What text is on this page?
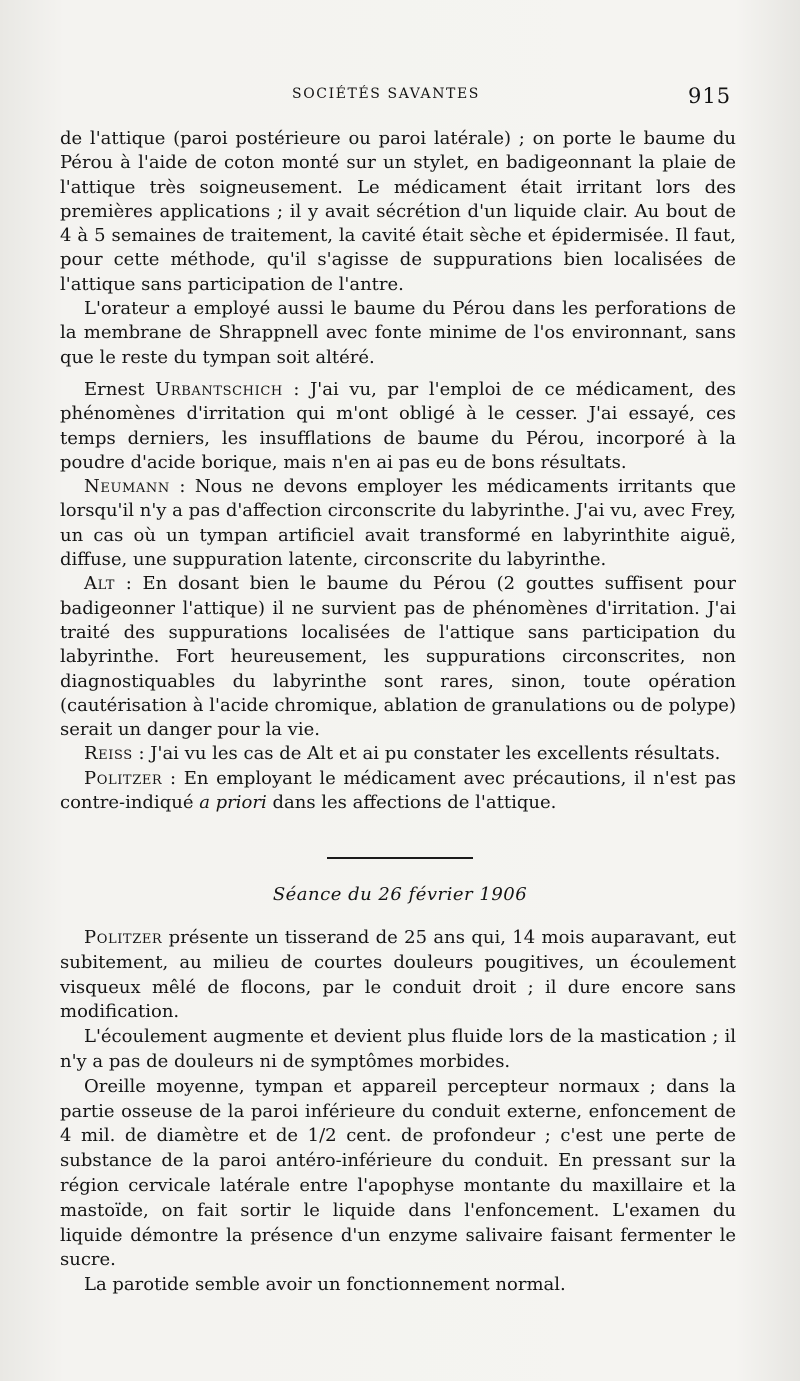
SOCIÉTÉS SAVANTES	915

de l'attique (paroi postérieure ou paroi latérale) ; on porte le baume du Pérou à l'aide de coton monté sur un stylet, en badigeonnant la plaie de l'attique très soigneusement. Le médicament était irritant lors des premières applications ; il y avait sécrétion d'un liquide clair. Au bout de 4 à 5 semaines de traitement, la cavité était sèche et épidermisée. Il faut, pour cette méthode, qu'il s'agisse de suppurations bien localisées de l'attique sans participation de l'antre.

L'orateur a employé aussi le baume du Pérou dans les perforations de la membrane de Shrappnell avec fonte minime de l'os environnant, sans que le reste du tympan soit altéré.

Ernest Urbantschich : J'ai vu, par l'emploi de ce médicament, des phénomènes d'irritation qui m'ont obligé à le cesser. J'ai essayé, ces temps derniers, les insufflations de baume du Pérou, incorporé à la poudre d'acide borique, mais n'en ai pas eu de bons résultats.

Neumann : Nous ne devons employer les médicaments irritants que lorsqu'il n'y a pas d'affection circonscrite du labyrinthe. J'ai vu, avec Frey, un cas où un tympan artificiel avait transformé en labyrinthite aiguë, diffuse, une suppuration latente, circonscrite du labyrinthe.

Alt : En dosant bien le baume du Pérou (2 gouttes suffisent pour badigeonner l'attique) il ne survient pas de phénomènes d'irritation. J'ai traité des suppurations localisées de l'attique sans participation du labyrinthe. Fort heureusement, les suppurations circonscrites, non diagnostiquables du labyrinthe sont rares, sinon, toute opération (cautérisation à l'acide chromique, ablation de granulations ou de polype) serait un danger pour la vie.

Reiss : J'ai vu les cas de Alt et ai pu constater les excellents résultats.

Politzer : En employant le médicament avec précautions, il n'est pas contre-indiqué a priori dans les affections de l'attique.

Séance du 26 février 1906

Politzer présente un tisserand de 25 ans qui, 14 mois auparavant, eut subitement, au milieu de courtes douleurs pougitives, un écoulement visqueux mêlé de flocons, par le conduit droit ; il dure encore sans modification.

L'écoulement augmente et devient plus fluide lors de la mastication ; il n'y a pas de douleurs ni de symptômes morbides.

Oreille moyenne, tympan et appareil percepteur normaux ; dans la partie osseuse de la paroi inférieure du conduit externe, enfoncement de 4 mil. de diamètre et de 1/2 cent. de profondeur ; c'est une perte de substance de la paroi antéro-inférieure du conduit. En pressant sur la région cervicale latérale entre l'apophyse montante du maxillaire et la mastoïde, on fait sortir le liquide dans l'enfoncement. L'examen du liquide démontre la présence d'un enzyme salivaire faisant fermenter le sucre.

La parotide semble avoir un fonctionnement normal.
